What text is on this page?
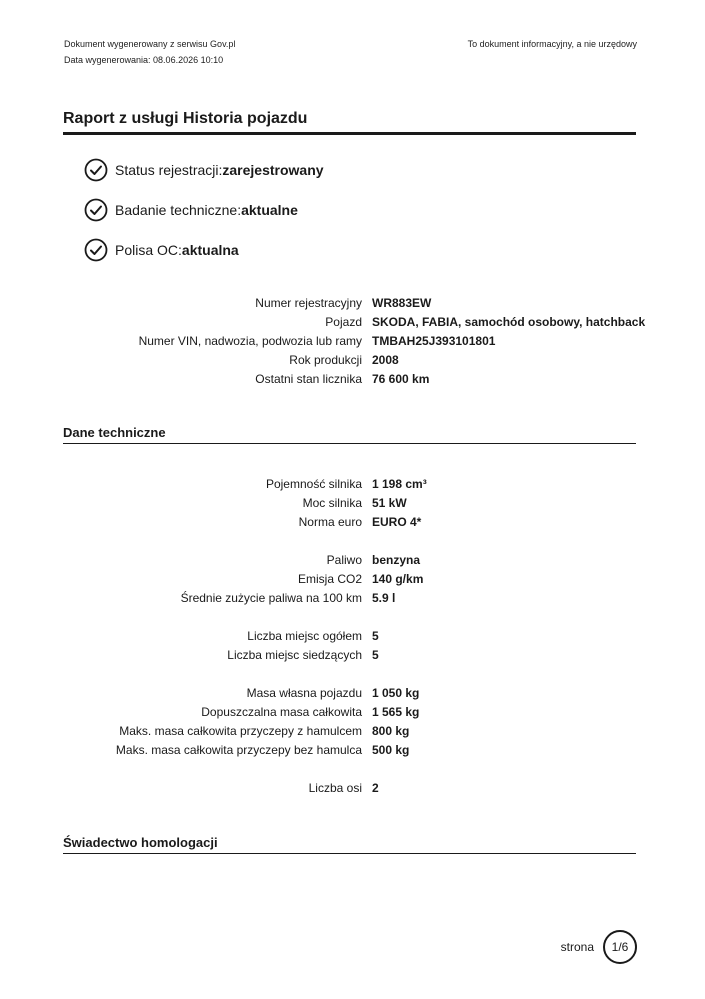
Dokument wygenerowany z serwisu Gov.pl
Data wygenerowania: 08.06.2026 10:10
To dokument informacyjny, a nie urzędowy
Raport z usługi Historia pojazdu
Status rejestracji: zarejestrowany
Badanie techniczne: aktualne
Polisa OC: aktualna
Numer rejestracyjny WR883EW
Pojazd SKODA, FABIA, samochód osobowy, hatchback
Numer VIN, nadwozia, podwozia lub ramy TMBAH25J393101801
Rok produkcji 2008
Ostatni stan licznika 76 600 km
Dane techniczne
Pojemność silnika 1 198 cm³
Moc silnika 51 kW
Norma euro EURO 4*
Paliwo benzyna
Emisja CO2 140 g/km
Średnie zużycie paliwa na 100 km 5.9 l
Liczba miejsc ogółem 5
Liczba miejsc siedzących 5
Masa własna pojazdu 1 050 kg
Dopuszczalna masa całkowita 1 565 kg
Maks. masa całkowita przyczepy z hamulcem 800 kg
Maks. masa całkowita przyczepy bez hamulca 500 kg
Liczba osi 2
Świadectwo homologacji
strona 1/6
